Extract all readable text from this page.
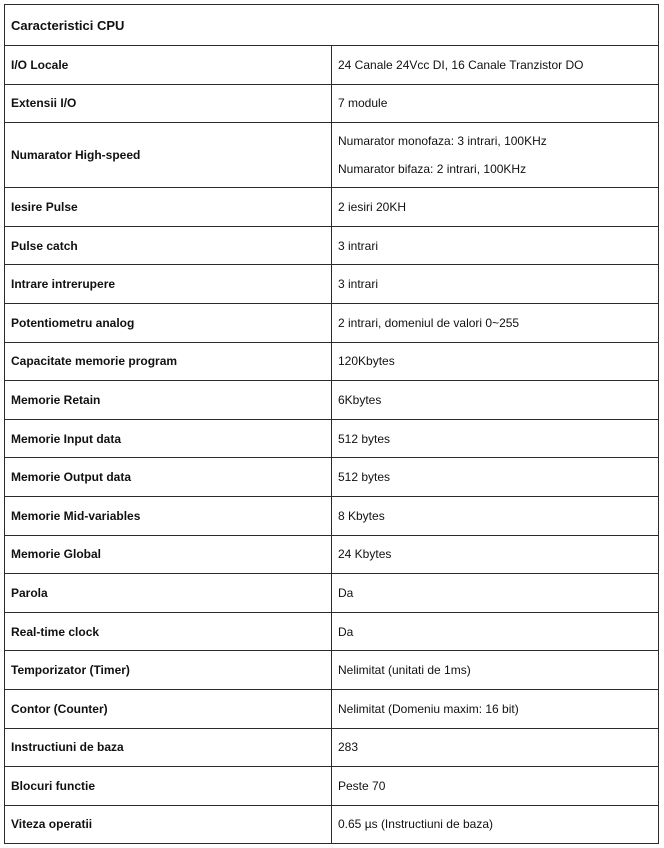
Caracteristici CPU	
I/O Locale	24 Canale 24Vcc DI, 16 Canale Tranzistor DO
Extensii I/O	7 module
Numarator High-speed	Numarator monofaza: 3 intrari, 100KHz
Numarator bifaza: 2 intrari, 100KHz

Iesire Pulse	2 iesiri 20KH
Pulse catch	3 intrari
Intrare intrerupere	3 intrari
Potentiometru analog	2 intrari, domeniul de valori 0~255
Capacitate memorie program	120Kbytes
Memorie Retain	6Kbytes
Memorie Input data	512 bytes
Memorie Output data	512 bytes
Memorie Mid-variables	8 Kbytes
Memorie Global	24 Kbytes
Parola	Da
Real-time clock	Da
Temporizator (Timer)	Nelimitat (unitati de 1ms)
Contor (Counter)	Nelimitat (Domeniu maxim: 16 bit)
Instructiuni de baza	283
Blocuri functie	Peste 70
Viteza operatii	0.65 µs (Instructiuni de baza)
